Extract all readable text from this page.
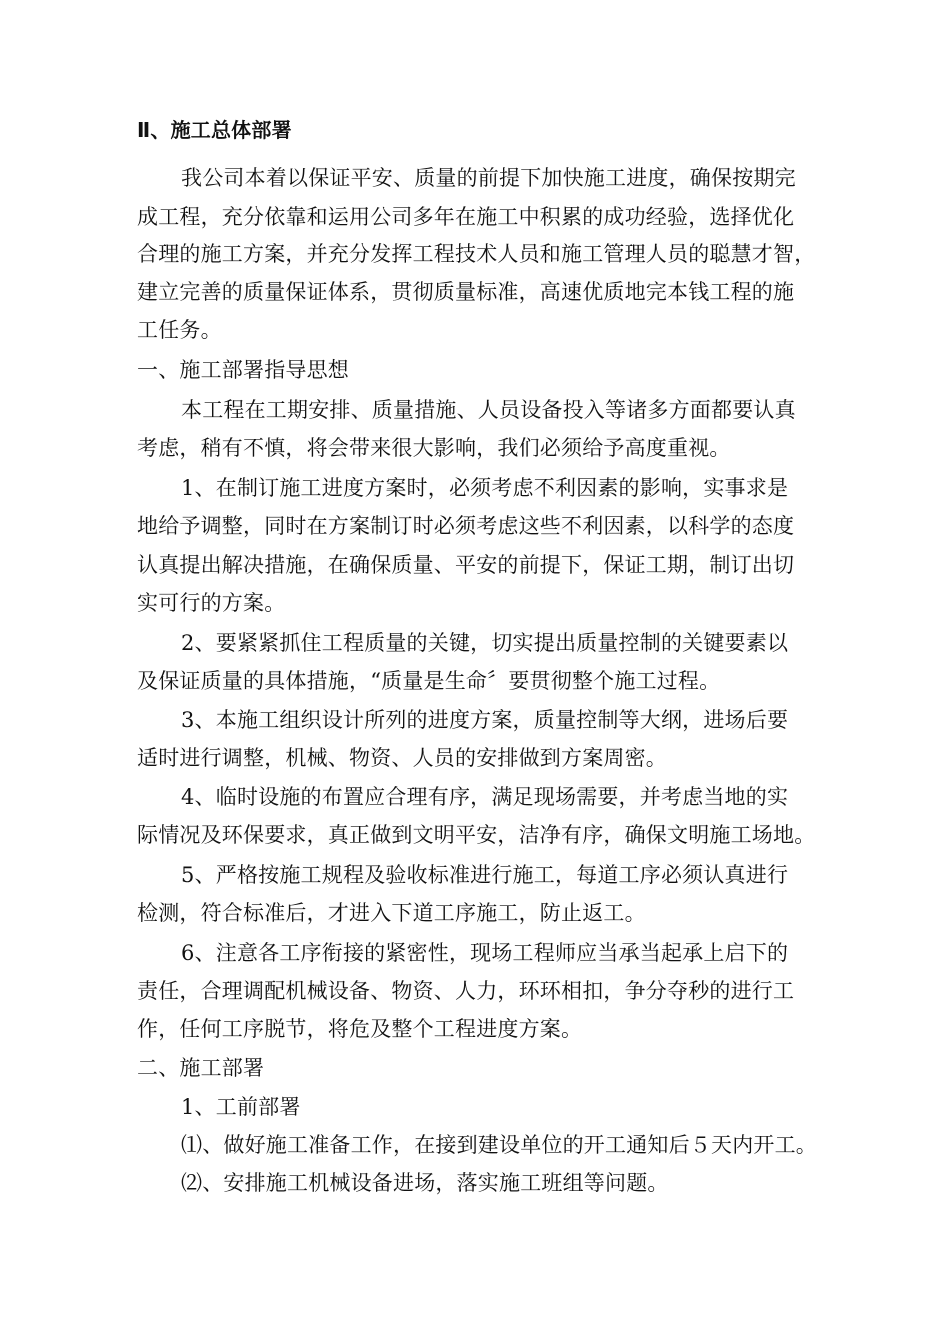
Ⅱ、施工总体部署
我公司本着以保证平安、质量的前提下加快施工进度，确保按期完
成工程，充分依靠和运用公司多年在施工中积累的成功经验，选择优化
合理的施工方案，并充分发挥工程技术人员和施工管理人员的聪慧才智，
建立完善的质量保证体系，贯彻质量标准，高速优质地完本钱工程的施
工任务。
一、施工部署指导思想
本工程在工期安排、质量措施、人员设备投入等诸多方面都要认真
考虑，稍有不慎，将会带来很大影响，我们必须给予高度重视。
1、在制订施工进度方案时，必须考虑不利因素的影响，实事求是
地给予调整，同时在方案制订时必须考虑这些不利因素，以科学的态度
认真提出解决措施，在确保质量、平安的前提下，保证工期，制订出切
实可行的方案。
2、要紧紧抓住工程质量的关键，切实提出质量控制的关键要素以
及保证质量的具体措施，“质量是生命〞要贯彻整个施工过程。
3、本施工组织设计所列的进度方案，质量控制等大纲，进场后要
适时进行调整，机械、物资、人员的安排做到方案周密。
4、临时设施的布置应合理有序，满足现场需要，并考虑当地的实
际情况及环保要求，真正做到文明平安，洁净有序，确保文明施工场地。
5、严格按施工规程及验收标准进行施工，每道工序必须认真进行
检测，符合标准后，才进入下道工序施工，防止返工。
6、注意各工序衔接的紧密性，现场工程师应当承当起承上启下的
责任，合理调配机械设备、物资、人力，环环相扣，争分夺秒的进行工
作，任何工序脱节，将危及整个工程进度方案。
二、施工部署
1、工前部署
⑴、做好施工准备工作，在接到建设单位的开工通知后５天内开工。
⑵、安排施工机械设备进场，落实施工班组等问题。
